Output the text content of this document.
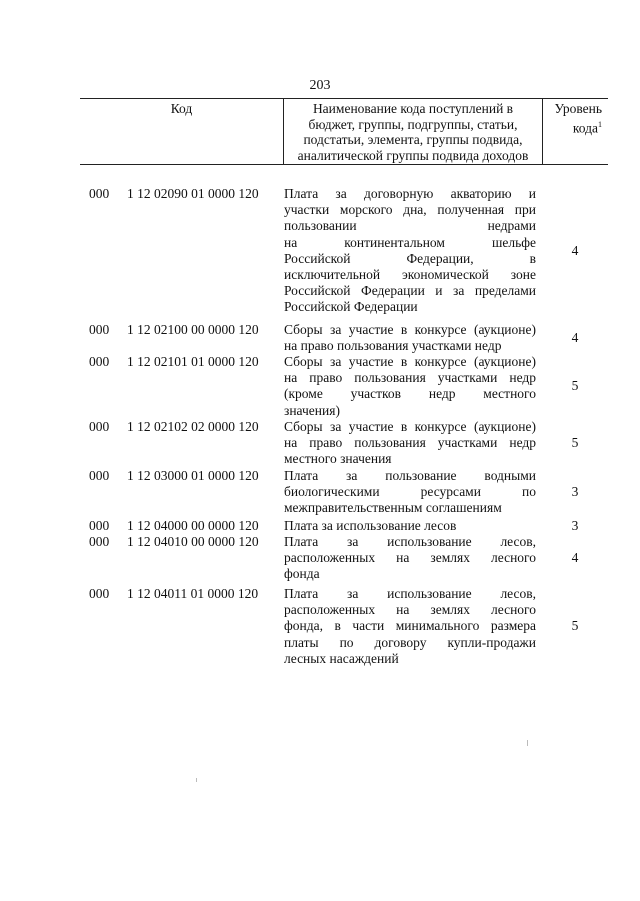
203
Код	Наименование кода поступлений в
бюджет, группы, подгруппы, статьи,
подстатьи, элемента, группы подвида,
аналитической группы подвида доходов
Уровень
кода$^1$
000 1 12 02090 01 0000 120 Плата за договорную акваторию и
участки морского дна, полученная при
пользовании недрами
на континентальном шельфе
Российской Федерации, в
исключительной экономической зоне
Российской Федерации и за пределами
Российской Федерации
4
000 1 12 02100 00 0000 120 Сборы за участие в конкурсе (аукционе)
на право пользования участками недр
4
000 1 12 02101 01 0000 120 Сборы за участие в конкурсе (аукционе)
на право пользования участками недр
(кроме участков недр местного
значения)
5
000 1 12 02102 02 0000 120 Сборы за участие в конкурсе (аукционе)
на право пользования участками недр
местного значения
5
000 1 12 03000 01 0000 120 Плата за пользование водными
биологическими ресурсами по
межправительственным соглашениям
3
000 1 12 04000 00 0000 120 Плата за использование лесов	3
000 1 12 04010 00 0000 120 Плата за использование лесов,
расположенных на землях лесного
фонда
4
000 1 12 04011 01 0000 120 Плата за использование лесов,
расположенных на землях лесного
фонда, в части минимального размера
платы по договору купли-продажи
лесных насаждений
5
